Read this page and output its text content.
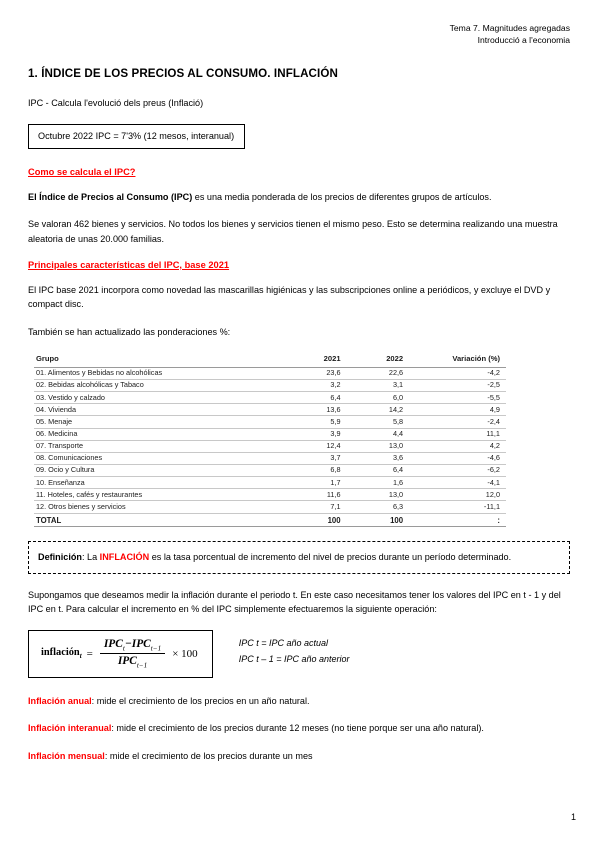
Tema 7. Magnitudes agregadas
Introducció a l'economia
1. ÍNDICE DE LOS PRECIOS AL CONSUMO. INFLACIÓN

IPC - Calcula l'evolució dels preus (Inflació)

Octubre 2022 IPC = 7'3% (12 mesos, interanual)
Como se calcula el IPC?

El Índice de Precios al Consumo (IPC) es una media ponderada de los precios de diferentes grupos de artículos.

Se valoran 462 bienes y servicios. No todos los bienes y servicios tienen el mismo peso. Esto se determina realizando una muestra aleatoria de unas 20.000 familias.

Principales características del IPC, base 2021

El IPC base 2021 incorpora como novedad las mascarillas higiénicas y las subscripciones online a periódicos, y excluye el DVD y compact disc.

También se han actualizado las ponderaciones %:

Grupo	2021	2022	Variación (%)
01. Alimentos y Bebidas no alcohólicas	23,6	22,6	-4,2
02. Bebidas alcohólicas y Tabaco	3,2	3,1	-2,5
03. Vestido y calzado	6,4	6,0	-5,5
04. Vivienda	13,6	14,2	4,9
05. Menaje	5,9	5,8	-2,4
06. Medicina	3,9	4,4	11,1
07. Transporte	12,4	13,0	4,2
08. Comunicaciones	3,7	3,6	-4,6
09. Ocio y Cultura	6,8	6,4	-6,2
10. Enseñanza	1,7	1,6	-4,1
11. Hoteles, cafés y restaurantes	11,6	13,0	12,0
12. Otros bienes y servicios	7,1	6,3	-11,1
TOTAL	100	100	:
Definición: La INFLACIÓN es la tasa porcentual de incremento del nivel de precios durante un período determinado.

Supongamos que deseamos medir la inflación durante el periodo t. En este caso necesitamos tener los valores del IPC en t - 1 y del IPC en t. Para calcular el incremento en % del IPC simplemente efectuaremos la siguiente operación:

inflación$_t$ = $\frac{IPC_t-IPC_{t-1}}{IPC_{t-1}} \times 100$
IPC t = IPC año actual
IPC t – 1 = IPC año anterior

Inflación anual: mide el crecimiento de los precios en un año natural.

Inflación interanual: mide el crecimiento de los precios durante 12 meses (no tiene porque ser una año natural).

Inflación mensual: mide el crecimiento de los precios durante un mes

1
